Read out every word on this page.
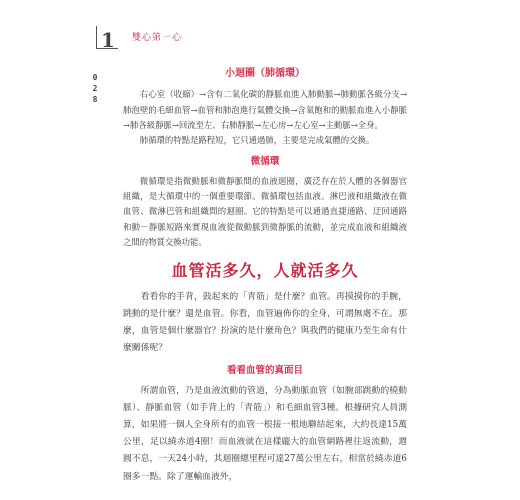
1 雙心第一心
0
2
8
小迴圈（肺循環）

右心室（收縮）→含有二氧化碳的靜脈血進入肺動脈→肺動脈各級分支→肺泡壁的毛細血管→血管和肺泡進行氣體交換→含氧飽和的動脈血進入小靜脈→肺各級靜脈→回流至左、右肺靜脈→左心房→左心室→主動脈→全身。

肺循環的特點是路程短，它只通過肺，主要是完成氣體的交換。

微循環

微循環是指微動脈和微靜脈間的血液迴圈，廣泛存在於人體的各個器官組織，是大循環中的一個重要環節。微循環包括血液、淋巴液和組織液在微血管、微淋巴管和組織間的迴圈。它的特點是可以通過直捷通路、迂回通路和動－靜脈短路來實現血液從微動脈到微靜脈的流動，並完成血液和組織液之間的物質交換功能。

血管活多久，人就活多久

看看你的手背，鼓起來的「青筋」是什麼？血管。再摸摸你的手腕，跳動的是什麼？還是血管。你看，血管遍佈你的全身，可謂無處不在。那麼，血管是個什麼器官？扮演的是什麼角色？與我們的健康乃至生命有什麼關係呢？

看看血管的真面目

所謂血管，乃是血液流動的管道，分為動脈血管（如腕部跳動的橈動脈）、靜脈血管（如手背上的「青筋」）和毛細血管3種。根據研究人員測算，如果將一個人全身所有的血管一根接一根地聯結起來，大約長達15萬公里，足以繞赤道4圈！而血液就在這樣龐大的血管網路裡往返流動，週圓不息，一天24小時，其迴圈總里程可達27萬公里左右，相當於繞赤道6圈多一點。除了運輸血液外，
